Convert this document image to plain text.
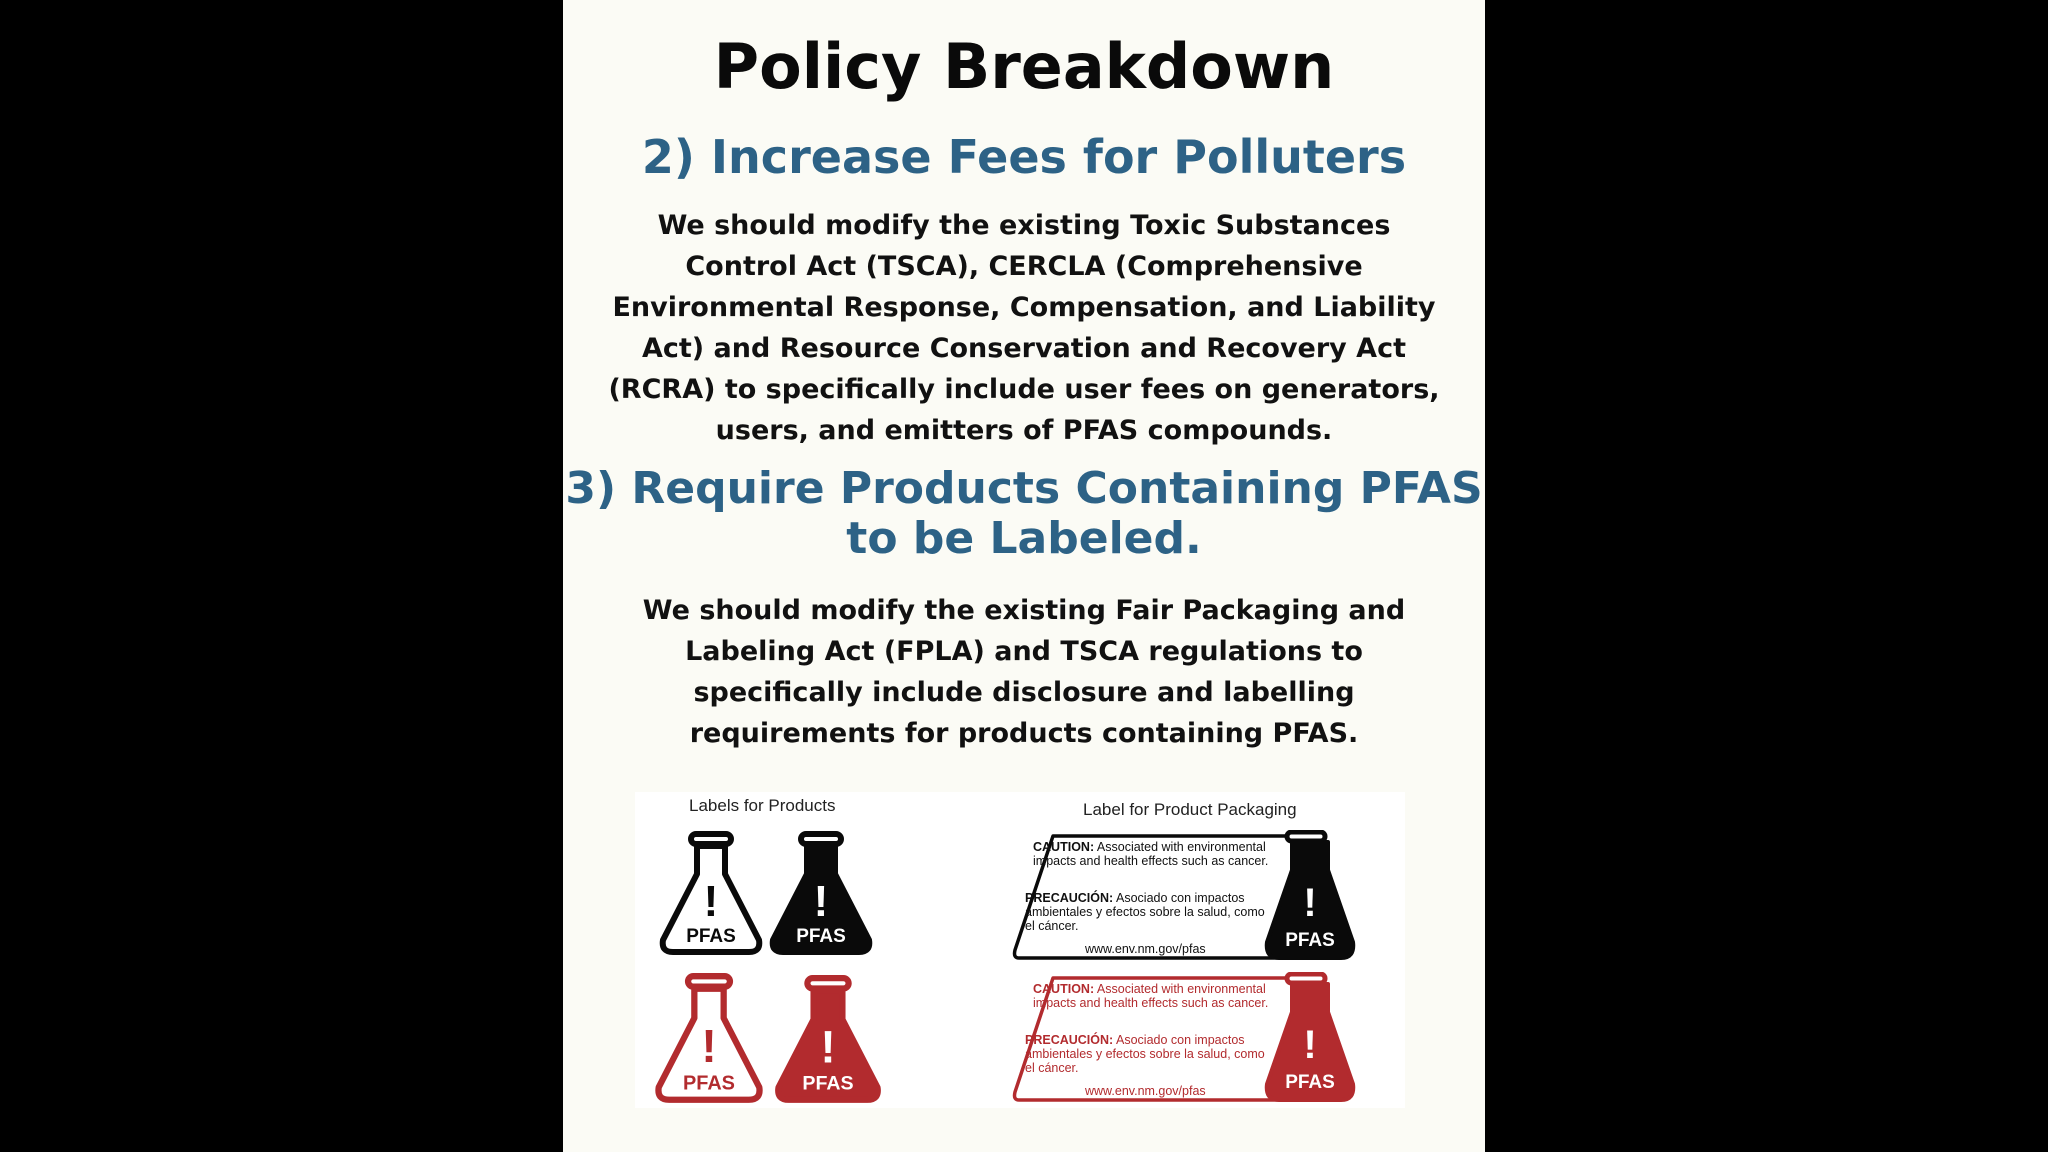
Policy Breakdown
2) Increase Fees for Polluters

We should modify the existing Toxic Substances Control Act (TSCA), CERCLA (Comprehensive Environmental Response, Compensation, and Liability Act) and Resource Conservation and Recovery Act (RCRA) to specifically include user fees on generators, users, and emitters of PFAS compounds.

3) Require Products Containing PFAS to be Labeled.

We should modify the existing Fair Packaging and Labeling Act (FPLA) and TSCA regulations to specifically include disclosure and labelling requirements for products containing PFAS.

Labels for Products	Label for Product Packaging

!
PFAS
!
PFAS
!
PFAS
!
PFAS
!
PFAS

CAUTION: Associated with environmental impacts and health effects such as cancer.

PRECAUCIÓN: Asociado con impactos ambientales y efectos sobre la salud, como el cáncer.

www.env.nm.gov/pfas

!
PFAS

CAUTION: Associated with environmental impacts and health effects such as cancer.

PRECAUCIÓN: Asociado con impactos ambientales y efectos sobre la salud, como el cáncer.

www.env.nm.gov/pfas
